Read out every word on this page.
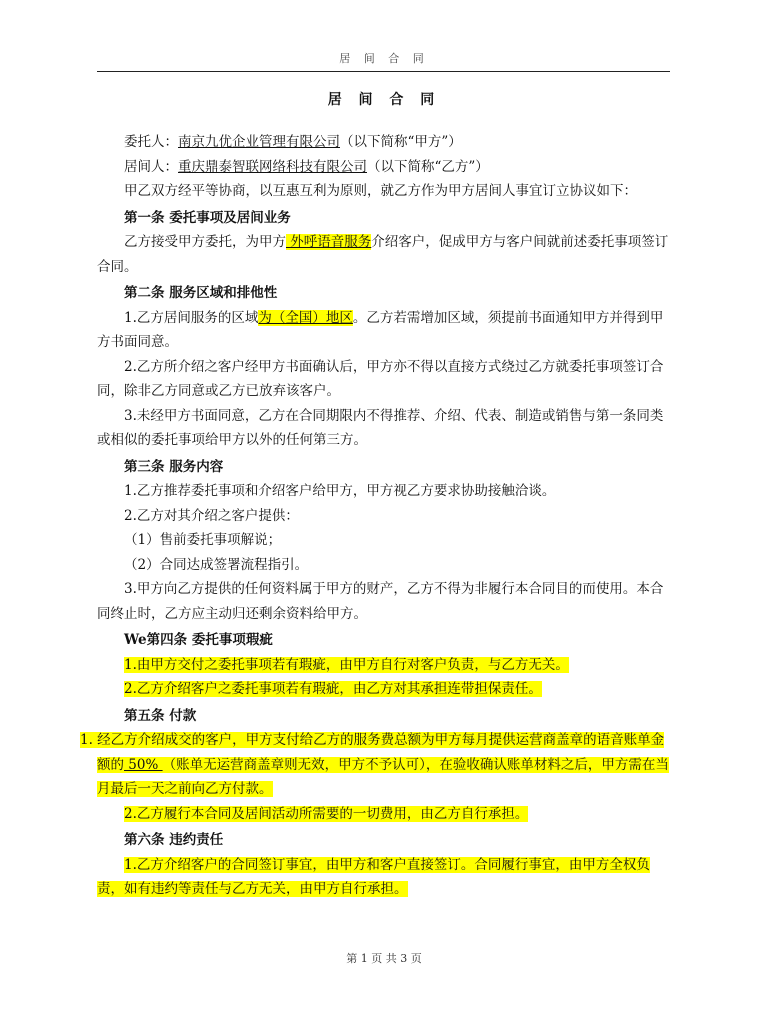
居 间 合 同
居 间 合 同

委托人：南京九优企业管理有限公司（以下简称“甲方”）

居间人：重庆鼎泰智联网络科技有限公司（以下简称“乙方”）

甲乙双方经平等协商，以互惠互利为原则，就乙方作为甲方居间人事宜订立协议如下：

第一条 委托事项及居间业务

乙方接受甲方委托，为甲方 外呼语音服务介绍客户，促成甲方与客户间就前述委托事项签订合同。

第二条 服务区域和排他性

1.乙方居间服务的区域为（全国）地区。乙方若需增加区域，须提前书面通知甲方并得到甲方书面同意。

2.乙方所介绍之客户经甲方书面确认后，甲方亦不得以直接方式绕过乙方就委托事项签订合同，除非乙方同意或乙方已放弃该客户。

3.未经甲方书面同意，乙方在合同期限内不得推荐、介绍、代表、制造或销售与第一条同类或相似的委托事项给甲方以外的任何第三方。

第三条 服务内容

1.乙方推荐委托事项和介绍客户给甲方，甲方视乙方要求协助接触洽谈。

2.乙方对其介绍之客户提供：

（1）售前委托事项解说；

（2）合同达成签署流程指引。

3.甲方向乙方提供的任何资料属于甲方的财产，乙方不得为非履行本合同目的而使用。本合同终止时，乙方应主动归还剩余资料给甲方。

We第四条 委托事项瑕疵

1.由甲方交付之委托事项若有瑕疵，由甲方自行对客户负责，与乙方无关。

2.乙方介绍客户之委托事项若有瑕疵，由乙方对其承担连带担保责任。

第五条 付款

1. 经乙方介绍成交的客户，甲方支付给乙方的服务费总额为甲方每月提供运营商盖章的语音账单金额的 50% （账单无运营商盖章则无效，甲方不予认可），在验收确认账单材料之后，甲方需在当月最后一天之前向乙方付款。

2.乙方履行本合同及居间活动所需要的一切费用，由乙方自行承担。

第六条 违约责任

1.乙方介绍客户的合同签订事宜，由甲方和客户直接签订。合同履行事宜，由甲方全权负责，如有违约等责任与乙方无关，由甲方自行承担。

第 1 页 共 3 页
